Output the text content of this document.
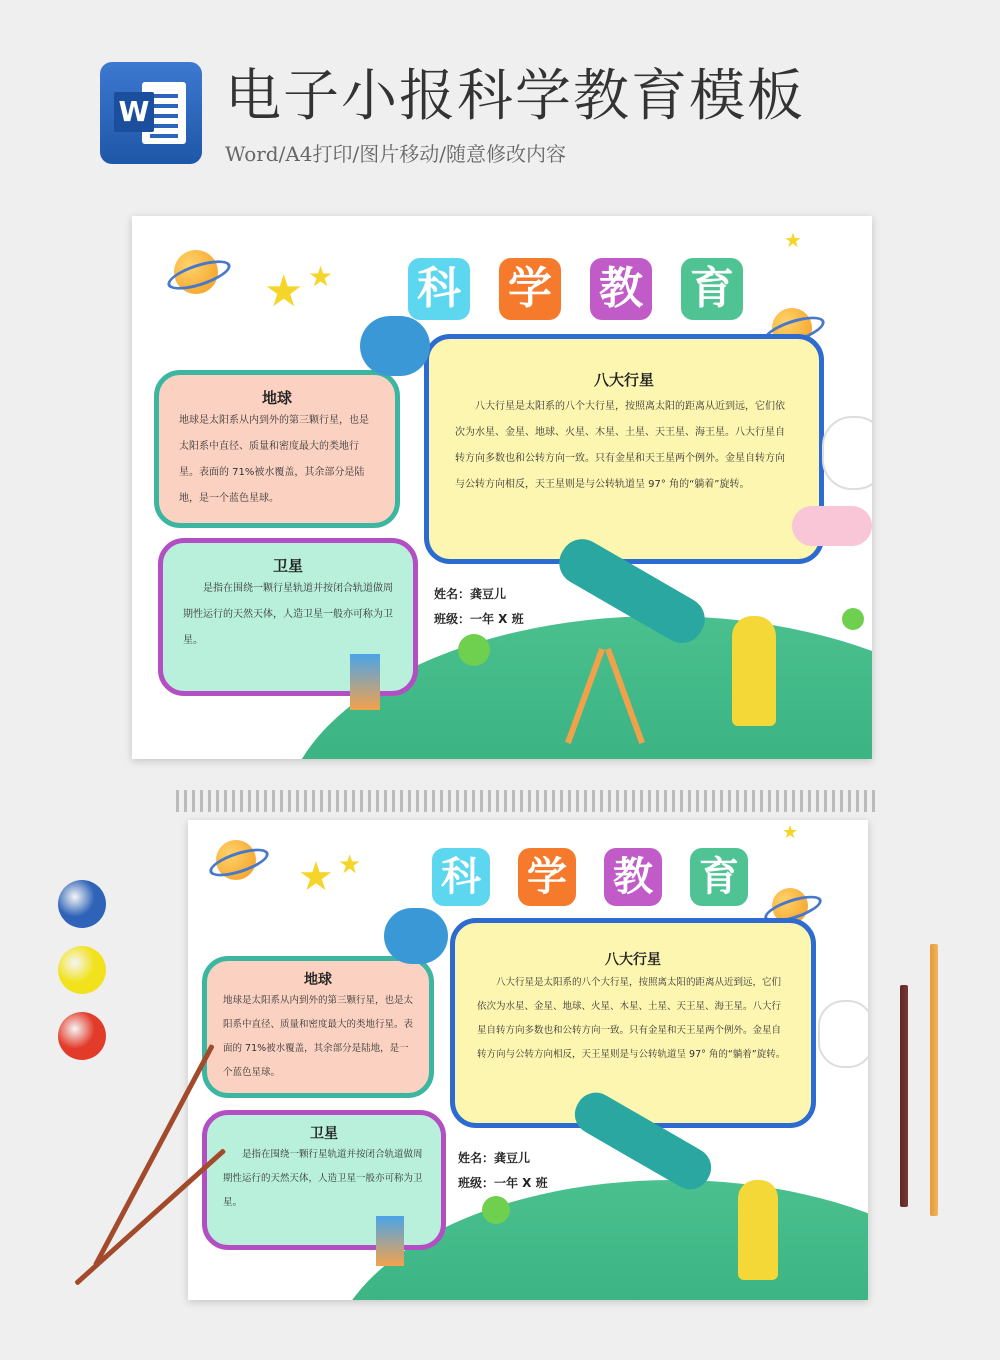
W 电子小报科学教育模板
Word/A4打印/图片移动/随意修改内容
★ ★
★
科 学 教 育
八大行星

八大行星是太阳系的八个大行星，按照离太阳的距离从近到远，它们依次为水星、金星、地球、火星、木星、土星、天王星、海王星。八大行星自转方向多数也和公转方向一致。只有金星和天王星两个例外。金星自转方向与公转方向相反，天王星则是与公转轨道呈 97° 角的“躺着”旋转。

地球

地球是太阳系从内到外的第三颗行星，也是太阳系中直径、质量和密度最大的类地行星。表面的 71%被水覆盖，其余部分是陆地，是一个蓝色星球。

卫星

是指在围绕一颗行星轨道并按闭合轨道做周期性运行的天然天体，人造卫星一般亦可称为卫星。

姓名：龚豆儿
班级：一年 X 班
★ ★
★
科 学 教 育
八大行星

八大行星是太阳系的八个大行星，按照离太阳的距离从近到远，它们依次为水星、金星、地球、火星、木星、土星、天王星、海王星。八大行星自转方向多数也和公转方向一致。只有金星和天王星两个例外。金星自转方向与公转方向相反，天王星则是与公转轨道呈 97° 角的“躺着”旋转。

地球

地球是太阳系从内到外的第三颗行星，也是太阳系中直径、质量和密度最大的类地行星。表面的 71%被水覆盖，其余部分是陆地，是一个蓝色星球。

卫星

是指在围绕一颗行星轨道并按闭合轨道做周期性运行的天然天体，人造卫星一般亦可称为卫星。

姓名：龚豆儿
班级：一年 X 班
